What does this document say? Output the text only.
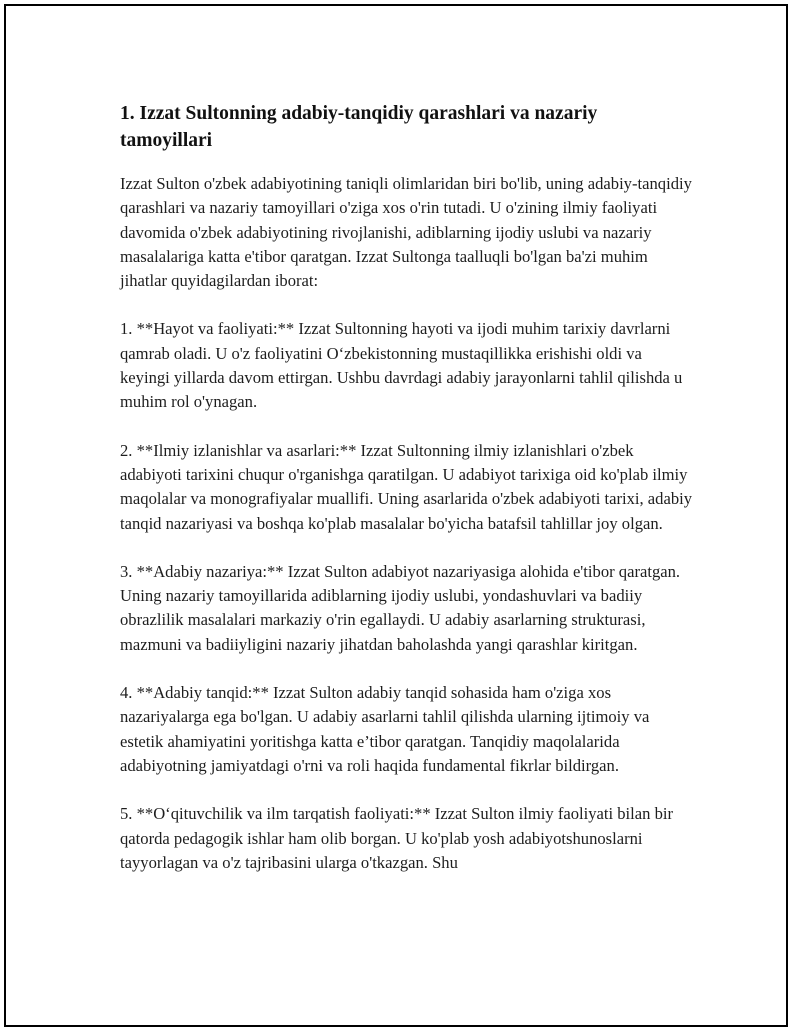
1. Izzat Sultonning adabiy-tanqidiy qarashlari va nazariy tamoyillari

Izzat Sulton o'zbek adabiyotining taniqli olimlaridan biri bo'lib, uning adabiy-tanqidiy qarashlari va nazariy tamoyillari o'ziga xos o'rin tutadi. U o'zining ilmiy faoliyati davomida o'zbek adabiyotining rivojlanishi, adiblarning ijodiy uslubi va nazariy masalalariga katta e'tibor qaratgan. Izzat Sultonga taalluqli bo'lgan ba'zi muhim jihatlar quyidagilardan iborat:

1. **Hayot va faoliyati:** Izzat Sultonning hayoti va ijodi muhim tarixiy davrlarni qamrab oladi. U o'z faoliyatini O‘zbekistonning mustaqillikka erishishi oldi va keyingi yillarda davom ettirgan. Ushbu davrdagi adabiy jarayonlarni tahlil qilishda u muhim rol o'ynagan.

2. **Ilmiy izlanishlar va asarlari:** Izzat Sultonning ilmiy izlanishlari o'zbek adabiyoti tarixini chuqur o'rganishga qaratilgan. U adabiyot tarixiga oid ko'plab ilmiy maqolalar va monografiyalar muallifi. Uning asarlarida o'zbek adabiyoti tarixi, adabiy tanqid nazariyasi va boshqa ko'plab masalalar bo'yicha batafsil tahlillar joy olgan.

3. **Adabiy nazariya:** Izzat Sulton adabiyot nazariyasiga alohida e'tibor qaratgan. Uning nazariy tamoyillarida adiblarning ijodiy uslubi, yondashuvlari va badiiy obrazlilik masalalari markaziy o'rin egallaydi. U adabiy asarlarning strukturasi, mazmuni va badiiyligini nazariy jihatdan baholashda yangi qarashlar kiritgan.

4. **Adabiy tanqid:** Izzat Sulton adabiy tanqid sohasida ham o'ziga xos nazariyalarga ega bo'lgan. U adabiy asarlarni tahlil qilishda ularning ijtimoiy va estetik ahamiyatini yoritishga katta e’tibor qaratgan. Tanqidiy maqolalarida adabiyotning jamiyatdagi o'rni va roli haqida fundamental fikrlar bildirgan.

5. **O‘qituvchilik va ilm tarqatish faoliyati:** Izzat Sulton ilmiy faoliyati bilan bir qatorda pedagogik ishlar ham olib borgan. U ko'plab yosh adabiyotshunoslarni tayyorlagan va o'z tajribasini ularga o'tkazgan. Shu
